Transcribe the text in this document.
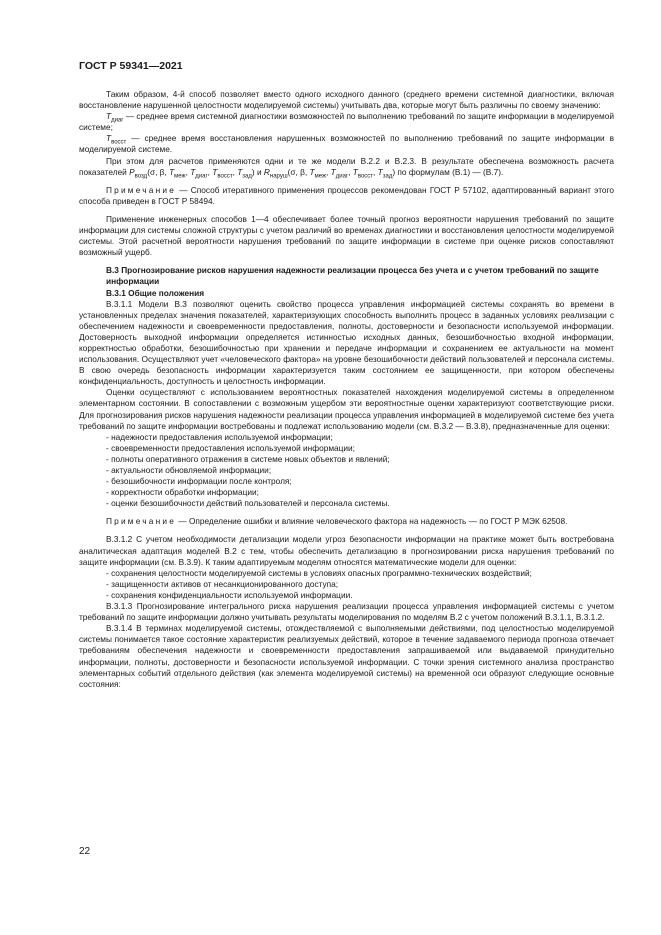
ГОСТ Р 59341—2021

Таким образом, 4-й способ позволяет вместо одного исходного данного (среднего времени системной диагностики, включая восстановление нарушенной целостности моделируемой системы) учитывать два, которые могут быть различны по своему значению:

$T_{диаг}$ — среднее время системной диагностики возможностей по выполнению требований по защите информации в моделируемой системе;

$T_{восст}$ — среднее время восстановления нарушенных возможностей по выполнению требований по защите информации в моделируемой системе.

При этом для расчетов применяются одни и те же модели В.2.2 и В.2.3. В результате обеспечена возможность расчета показателей $P_{возд}(\sigma$, β, $T_{меж}$, $T_{диаг}$, $T_{восст}$, $T_{зад}$) и $R_{наруш}(\sigma$, β, $T_{меж}$, $T_{диаг}$, $T_{восст}$, $T_{зад}$) по формулам (В.1) — (В.7).

Примечание — Способ итеративного применения процессов рекомендован ГОСТ Р 57102, адаптированный вариант этого способа приведен в ГОСТ Р 58494.

Применение инженерных способов 1—4 обеспечивает более точный прогноз вероятности нарушения требований по защите информации для системы сложной структуры с учетом различий во временах диагностики и восстановления целостности моделируемой системы. Этой расчетной вероятности нарушения требований по защите информации в системе при оценке рисков сопоставляют возможный ущерб.

В.3 Прогнозирование рисков нарушения надежности реализации процесса без учета и с учетом требований по защите информации

В.3.1 Общие положения

В.3.1.1 Модели В.3 позволяют оценить свойство процесса управления информацией системы сохранять во времени в установленных пределах значения показателей, характеризующих способность выполнить процесс в заданных условиях реализации с обеспечением надежности и своевременности предоставления, полноты, достоверности и безопасности используемой информации. Достоверность выходной информации определяется истинностью исходных данных, безошибочностью входной информации, корректностью обработки, безошибочностью при хранении и передаче информации и сохранением ее актуальности на момент использования. Осуществляют учет «человеческого фактора» на уровне безошибочности действий пользователей и персонала системы. В свою очередь безопасность информации характеризуется таким состоянием ее защищенности, при котором обеспечены конфиденциальность, доступность и целостность информации.

Оценки осуществляют с использованием вероятностных показателей нахождения моделируемой системы в определенном элементарном состоянии. В сопоставлении с возможным ущербом эти вероятностные оценки характеризуют соответствующие риски. Для прогнозирования рисков нарушения надежности реализации процесса управления информацией в моделируемой системе без учета требований по защите информации востребованы и подлежат использованию модели (см. В.3.2 — В.3.8), предназначенные для оценки:

- надежности предоставления используемой информации;
- своевременности предоставления используемой информации;
- полноты оперативного отражения в системе новых объектов и явлений;
- актуальности обновляемой информации;
- безошибочности информации после контроля;
- корректности обработки информации;
- оценки безошибочности действий пользователей и персонала системы.

Примечание — Определение ошибки и влияние человеческого фактора на надежность — по ГОСТ Р МЭК 62508.

В.3.1.2 С учетом необходимости детализации модели угроз безопасности информации на практике может быть востребована аналитическая адаптация моделей В.2 с тем, чтобы обеспечить детализацию в прогнозировании риска нарушения требований по защите информации (см. В.3.9). К таким адаптируемым моделям относятся математические модели для оценки:

- сохранения целостности моделируемой системы в условиях опасных программно-технических воздействий;
- защищенности активов от несанкционированного доступа;
- сохранения конфиденциальности используемой информации.

В.3.1.3 Прогнозирование интегрального риска нарушения реализации процесса управления информацией системы с учетом требований по защите информации должно учитывать результаты моделирования по моделям В.2 с учетом положений В.3.1.1, В.3.1.2.

В.3.1.4 В терминах моделируемой системы, отождествляемой с выполняемыми действиями, под целостностью моделируемой системы понимается такое состояние характеристик реализуемых действий, которое в течение задаваемого периода прогноза отвечает требованиям обеспечения надежности и своевременности предоставления запрашиваемой или выдаваемой принудительно информации, полноты, достоверности и безопасности используемой информации. С точки зрения системного анализа пространство элементарных событий отдельного действия (как элемента моделируемой системы) на временной оси образуют следующие основные состояния:

22
